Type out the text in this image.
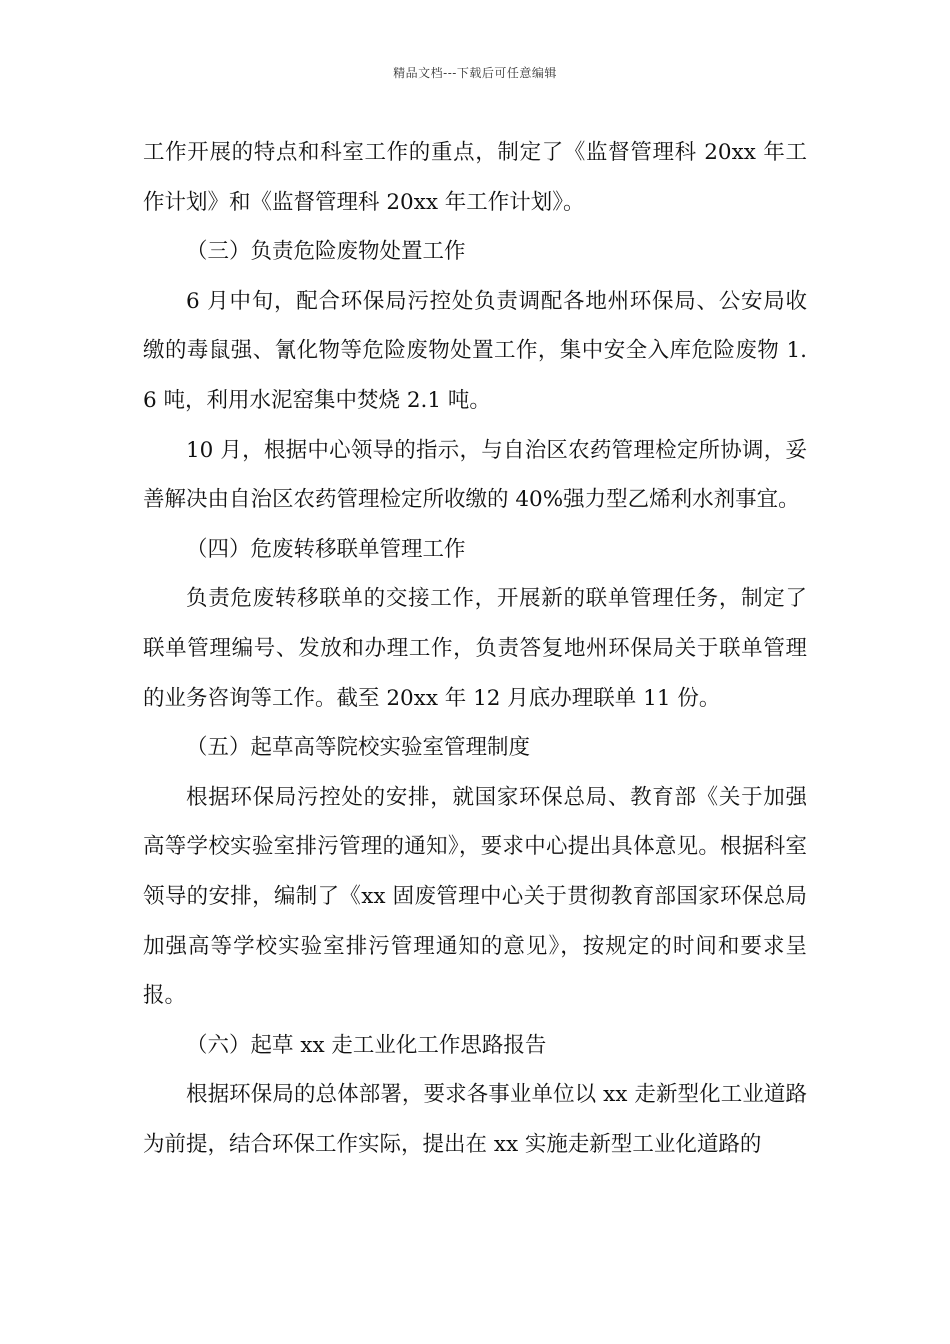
精品文档---下载后可任意编辑

工作开展的特点和科室工作的重点，制定了《监督管理科 20xx 年工作计划》和《监督管理科 20xx 年工作计划》。

（三）负责危险废物处置工作

6 月中旬，配合环保局污控处负责调配各地州环保局、公安局收缴的毒鼠强、氰化物等危险废物处置工作，集中安全入库危险废物 1.6 吨，利用水泥窑集中焚烧 2.1 吨。

10 月，根据中心领导的指示，与自治区农药管理检定所协调，妥善解决由自治区农药管理检定所收缴的 40%强力型乙烯利水剂事宜。

（四）危废转移联单管理工作

负责危废转移联单的交接工作，开展新的联单管理任务，制定了联单管理编号、发放和办理工作，负责答复地州环保局关于联单管理的业务咨询等工作。截至 20xx 年 12 月底办理联单 11 份。

（五）起草高等院校实验室管理制度

根据环保局污控处的安排，就国家环保总局、教育部《关于加强高等学校实验室排污管理的通知》，要求中心提出具体意见。根据科室领导的安排，编制了《xx 固废管理中心关于贯彻教育部国家环保总局加强高等学校实验室排污管理通知的意见》，按规定的时间和要求呈报。

（六）起草 xx 走工业化工作思路报告

根据环保局的总体部署，要求各事业单位以 xx 走新型化工业道路为前提，结合环保工作实际，提出在 xx 实施走新型工业化道路的
